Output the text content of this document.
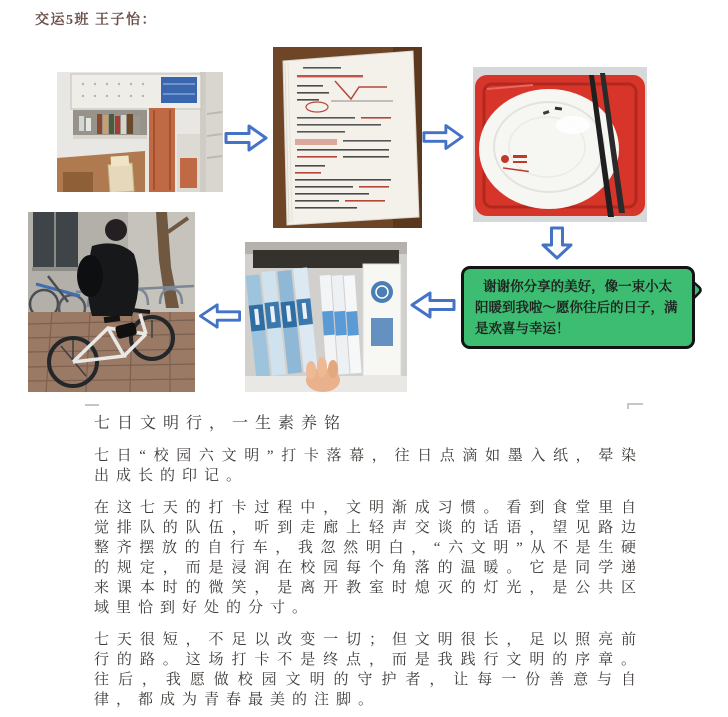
交运5班 王子怡：
谢谢你分享的美好，像一束小太阳暖到我啦～愿你往后的日子，满是欢喜与幸运！

七日文明行，一生素养铭

七日“校园六文明”打卡落幕，往日点滴如墨入纸，晕染出成长的印记。

在这七天的打卡过程中，文明渐成习惯。看到食堂里自觉排队的队伍，听到走廊上轻声交谈的话语，望见路边整齐摆放的自行车，我忽然明白，“六文明”从不是生硬的规定，而是浸润在校园每个角落的温暖。它是同学递来课本时的微笑，是离开教室时熄灭的灯光，是公共区域里恰到好处的分寸。

七天很短，不足以改变一切；但文明很长，足以照亮前行的路。这场打卡不是终点，而是我践行文明的序章。往后，我愿做校园文明的守护者，让每一份善意与自律，都成为青春最美的注脚。
